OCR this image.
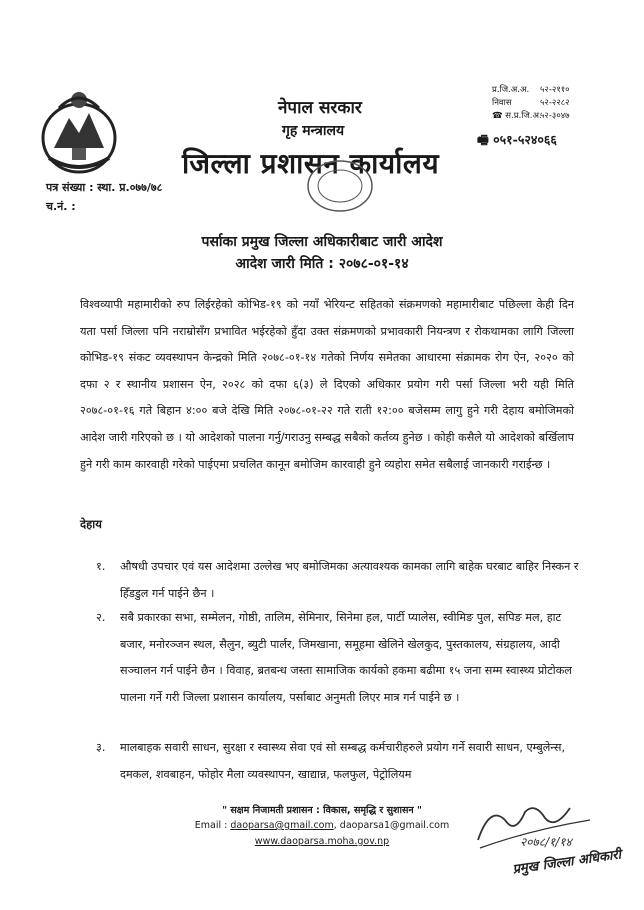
नेपाल सरकार
गृह मन्त्रालय
जिल्ला प्रशासन कार्यालय
प्र.जि.अ.अ. ५२-२११०
निवास	५२-२२८२
☎ स.प्र.जि.अ.५२-३०४७
🖷 ०५१-५२४०६६
पत्र संख्या : स्था. प्र.०७७/७८
च.नं. :
पर्साका प्रमुख जिल्ला अधिकारीबाट जारी आदेश
आदेश जारी मिति : २०७८-०१-१४
विश्वव्यापी महामारीको रुप लिईरहेको कोभिड-१९ को नयाँ भेरियन्ट सहितको संक्रमणको महामारीबाट पछिल्ला केही दिन यता पर्सा जिल्ला पनि नराम्रोसँग प्रभावित भईरहेको हुँदा उक्त संक्रमणको प्रभावकारी नियन्त्रण र रोकथामका लागि जिल्ला कोभिड-१९ संकट व्यवस्थापन केन्द्रको मिति २०७८-०१-१४ गतेको निर्णय समेतका आधारमा संक्रामक रोग ऐन, २०२० को दफा २ र स्थानीय प्रशासन ऐन, २०२८ को दफा ६(३) ले दिएको अधिकार प्रयोग गरी पर्सा जिल्ला भरी यही मिति २०७८-०१-१६ गते बिहान ४:०० बजे देखि मिति २०७८-०१-२२ गते राती १२:०० बजेसम्म लागु हुने गरी देहाय बमोजिमको आदेश जारी गरिएको छ । यो आदेशको पालना गर्नु/गराउनु सम्बद्ध सबैको कर्तव्य हुनेछ । कोही कसैले यो आदेशको बर्खिलाप हुने गरी काम कारवाही गरेको पाईएमा प्रचलित कानून बमोजिम कारवाही हुने व्यहोरा समेत सबैलाई जानकारी गराईन्छ ।
देहाय
१.	औषधी उपचार एवं यस आदेशमा उल्लेख भए बमोजिमका अत्यावश्यक कामका लागि बाहेक घरबाट बाहिर निस्कन र हिँडडुल गर्न पाईने छैन ।
२.	सबै प्रकारका सभा, सम्मेलन, गोष्ठी, तालिम, सेमिनार, सिनेमा हल, पार्टी प्यालेस, स्वीमिङ पुल, सपिङ मल, हाट बजार, मनोरञ्जन स्थल, सैलुन, ब्युटी पार्लर, जिमखाना, समूहमा खेलिने खेलकुद, पुस्तकालय, संग्रहालय, आदी सञ्चालन गर्न पाईने छैन । विवाह, ब्रतबन्ध जस्ता सामाजिक कार्यको हकमा बढीमा १५ जना सम्म स्वास्थ्य प्रोटोकल पालना गर्ने गरी जिल्ला प्रशासन कार्यालय, पर्साबाट अनुमती लिएर मात्र गर्न पाईने छ ।
३.	मालबाहक सवारी साधन, सुरक्षा र स्वास्थ्य सेवा एवं सो सम्बद्ध कर्मचारीहरुले प्रयोग गर्ने सवारी साधन, एम्बुलेन्स, दमकल, शवबाहन, फोहोर मैला व्यवस्थापन, खाद्यान्न, फलफुल, पेट्रोलियम
" सक्षम निजामती प्रशासन : विकास, समृद्धि र सुशासन "
Email : daoparsa@gmail.com, daoparsa1@gmail.com
www.daoparsa.moha.gov.np	२०७८/१/१४
प्रमुख जिल्ला अधिकारी
